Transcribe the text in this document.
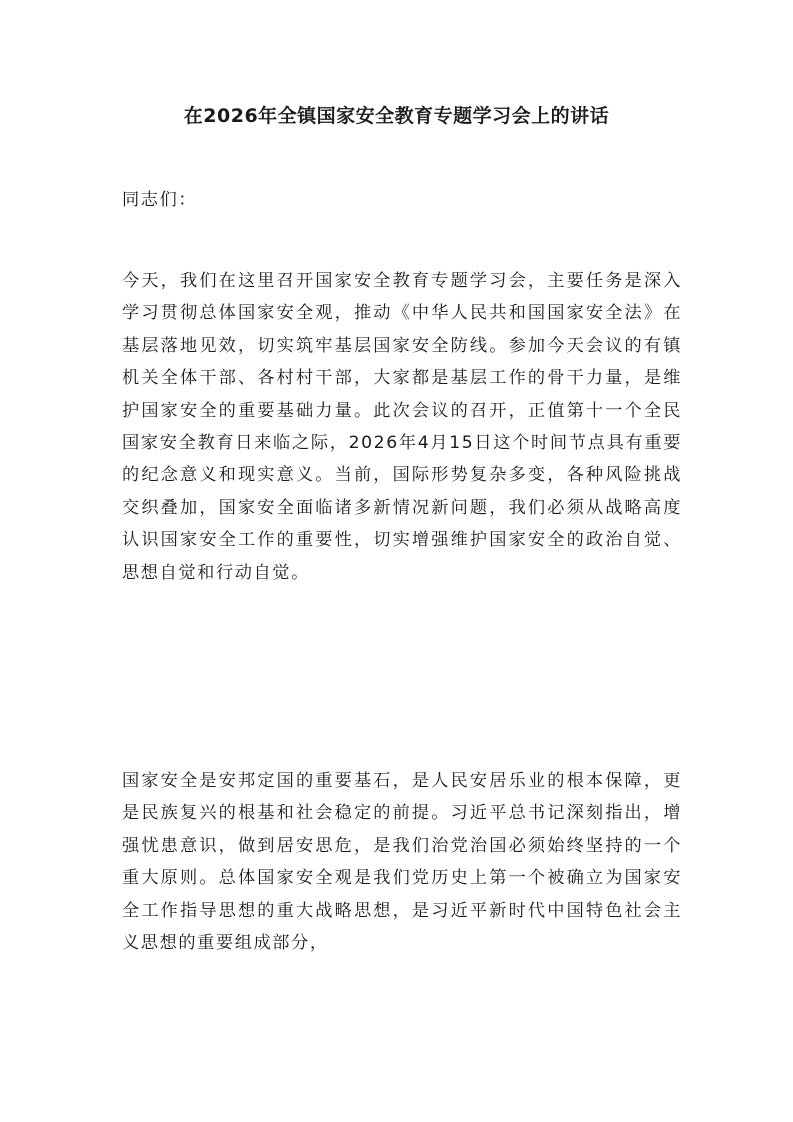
在2026年全镇国家安全教育专题学习会上的讲话

同志们：

今天，我们在这里召开国家安全教育专题学习会，主要任务是深入学习贯彻总体国家安全观，推动《中华人民共和国国家安全法》在基层落地见效，切实筑牢基层国家安全防线。参加今天会议的有镇机关全体干部、各村村干部，大家都是基层工作的骨干力量，是维护国家安全的重要基础力量。此次会议的召开，正值第十一个全民国家安全教育日来临之际，2026年4月15日这个时间节点具有重要的纪念意义和现实意义。当前，国际形势复杂多变，各种风险挑战交织叠加，国家安全面临诸多新情况新问题，我们必须从战略高度认识国家安全工作的重要性，切实增强维护国家安全的政治自觉、思想自觉和行动自觉。

国家安全是安邦定国的重要基石，是人民安居乐业的根本保障，更是民族复兴的根基和社会稳定的前提。习近平总书记深刻指出，增强忧患意识，做到居安思危，是我们治党治国必须始终坚持的一个重大原则。总体国家安全观是我们党历史上第一个被确立为国家安全工作指导思想的重大战略思想，是习近平新时代中国特色社会主义思想的重要组成部分，
